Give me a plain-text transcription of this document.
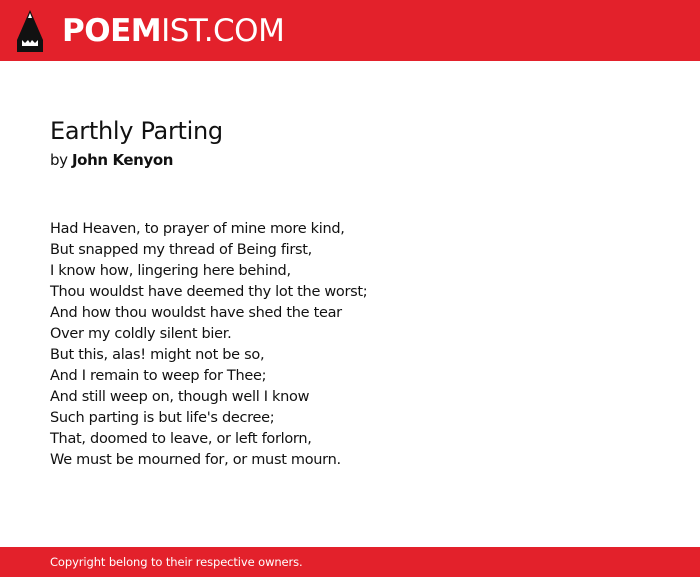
POEMIST.COM
Earthly Parting
by John Kenyon
Had Heaven, to prayer of mine more kind,
But snapped my thread of Being first,
I know how, lingering here behind,
Thou wouldst have deemed thy lot the worst;
And how thou wouldst have shed the tear
Over my coldly silent bier.
But this, alas! might not be so,
And I remain to weep for Thee;
And still weep on, though well I know
Such parting is but life's decree;
That, doomed to leave, or left forlorn,
We must be mourned for, or must mourn.
Copyright belong to their respective owners.
